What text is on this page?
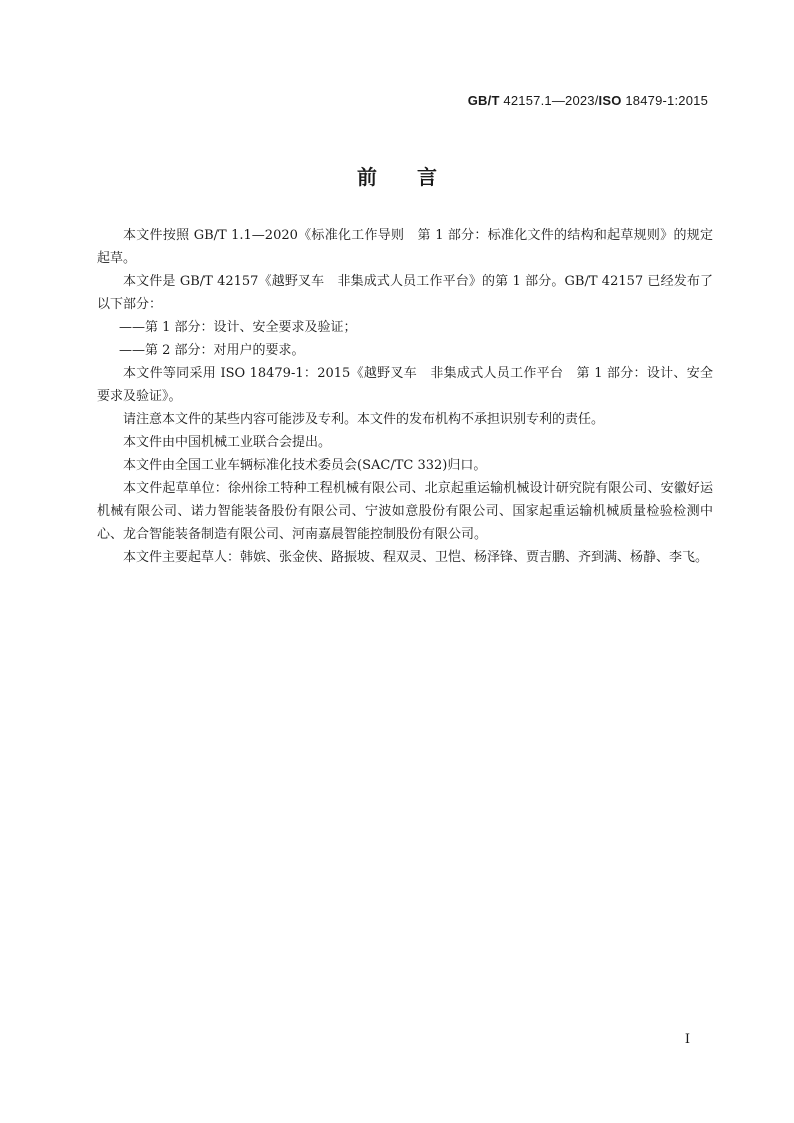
GB/T 42157.1—2023/ISO 18479-1:2015
前 言

本文件按照 GB/T 1.1—2020《标准化工作导则　第 1 部分：标准化文件的结构和起草规则》的规定起草。

本文件是 GB/T 42157《越野叉车　非集成式人员工作平台》的第 1 部分。GB/T 42157 已经发布了以下部分：

——第 1 部分：设计、安全要求及验证；

——第 2 部分：对用户的要求。

本文件等同采用 ISO 18479-1：2015《越野叉车　非集成式人员工作平台　第 1 部分：设计、安全要求及验证》。

请注意本文件的某些内容可能涉及专利。本文件的发布机构不承担识别专利的责任。

本文件由中国机械工业联合会提出。

本文件由全国工业车辆标准化技术委员会(SAC/TC 332)归口。

本文件起草单位：徐州徐工特种工程机械有限公司、北京起重运输机械设计研究院有限公司、安徽好运机械有限公司、诺力智能装备股份有限公司、宁波如意股份有限公司、国家起重运输机械质量检验检测中心、龙合智能装备制造有限公司、河南嘉晨智能控制股份有限公司。

本文件主要起草人：韩嫔、张金侠、路振坡、程双灵、卫恺、杨泽锋、贾吉鹏、齐到满、杨静、李飞。

I
